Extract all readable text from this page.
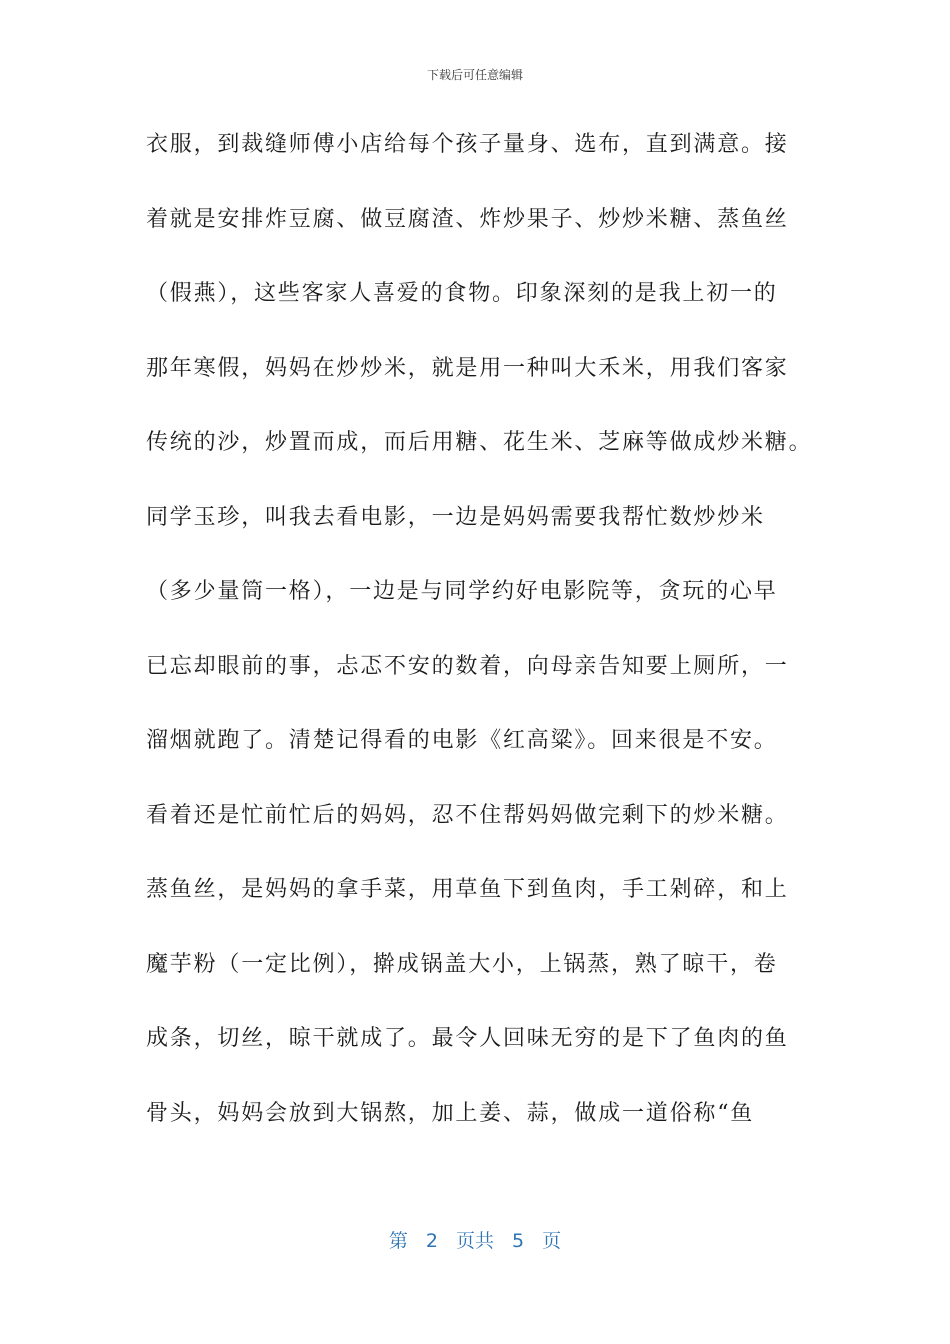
下载后可任意编辑
衣服，到裁缝师傅小店给每个孩子量身、选布，直到满意。接
着就是安排炸豆腐、做豆腐渣、炸炒果子、炒炒米糖、蒸鱼丝
（假燕），这些客家人喜爱的食物。印象深刻的是我上初一的
那年寒假，妈妈在炒炒米，就是用一种叫大禾米，用我们客家
传统的沙，炒置而成，而后用糖、花生米、芝麻等做成炒米糖。
同学玉珍，叫我去看电影，一边是妈妈需要我帮忙数炒炒米
（多少量筒一格），一边是与同学约好电影院等，贪玩的心早
已忘却眼前的事，忐忑不安的数着，向母亲告知要上厕所，一
溜烟就跑了。清楚记得看的电影《红高粱》。回来很是不安。
看着还是忙前忙后的妈妈，忍不住帮妈妈做完剩下的炒米糖。
蒸鱼丝，是妈妈的拿手菜，用草鱼下到鱼肉，手工剁碎，和上
魔芋粉（一定比例），擀成锅盖大小，上锅蒸，熟了晾干，卷
成条，切丝，晾干就成了。最令人回味无穷的是下了鱼肉的鱼
骨头，妈妈会放到大锅熬，加上姜、蒜，做成一道俗称“鱼
第 2 页共 5 页
